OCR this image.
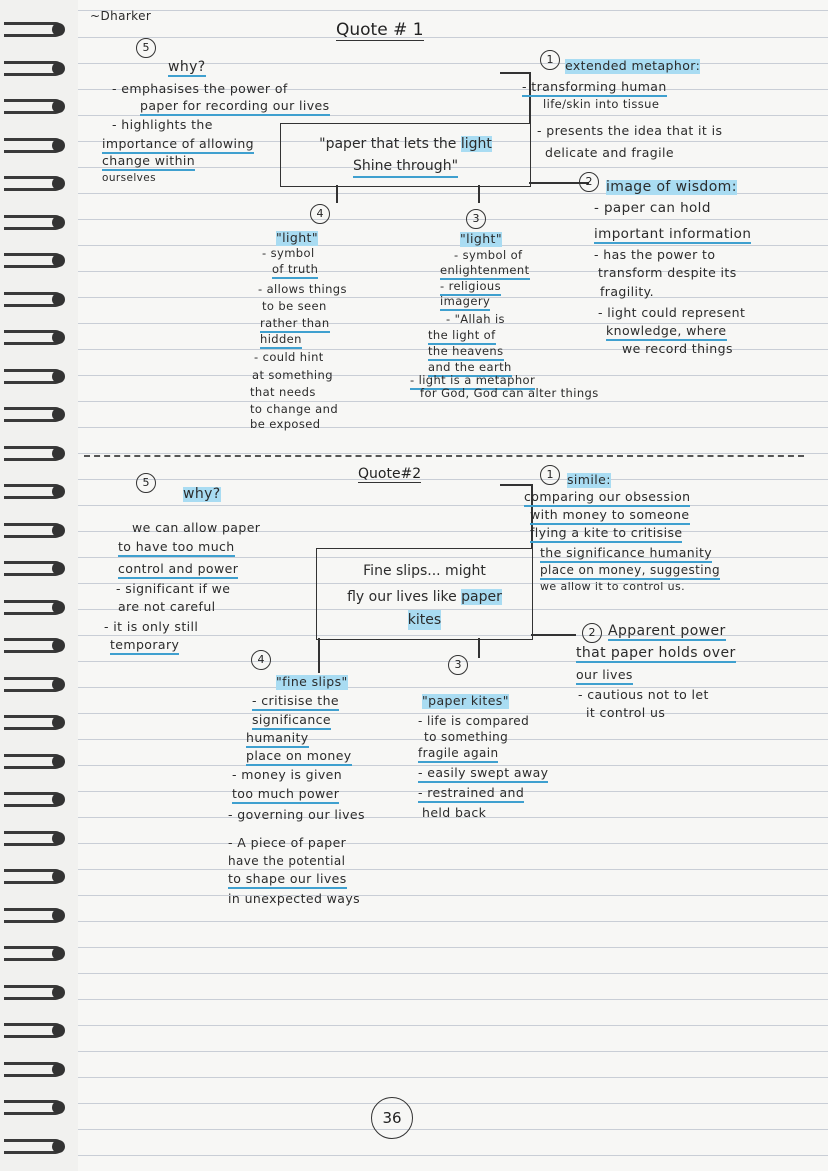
~Dharker
Quote # 1
"paper that lets the light
Shine through"
5
why?
- emphasises the power of
paper for recording our lives
- highlights the
importance of allowing
change within
ourselves
1 extended metaphor:
- transforming human
life/skin into tissue
- presents the idea that it is
delicate and fragile
2 image of wisdom:
- paper can hold
important information
- has the power to
transform despite its
fragility.
- light could represent
knowledge, where
we record things
4
"light"
- symbol
of truth
- allows things
to be seen
rather than
hidden
- could hint
at something
that needs
to change and
be exposed
3
"light"
- symbol of
enlightenment
- religious
imagery
- "Allah is
the light of
the heavens
and the earth
- light is a metaphor
for God, God can alter things
Quote#2
Fine slips... might
fly our lives like paper
kites
5
why?
we can allow paper
to have too much
control and power
- significant if we
are not careful
- it is only still
temporary
1	simile:
comparing our obsession
with money to someone
flying a kite to critisise
the significance humanity
place on money, suggesting
we allow it to control us.
2 Apparent power
that paper holds over
our lives
- cautious not to let
it control us
4
"fine slips"
- critisise the
significance
humanity
place on money
- money is given
too much power
- governing our lives
- A piece of paper
have the potential
to shape our lives
in unexpected ways
3
"paper kites"
- life is compared
to something
fragile again
- easily swept away
- restrained and
held back
36
